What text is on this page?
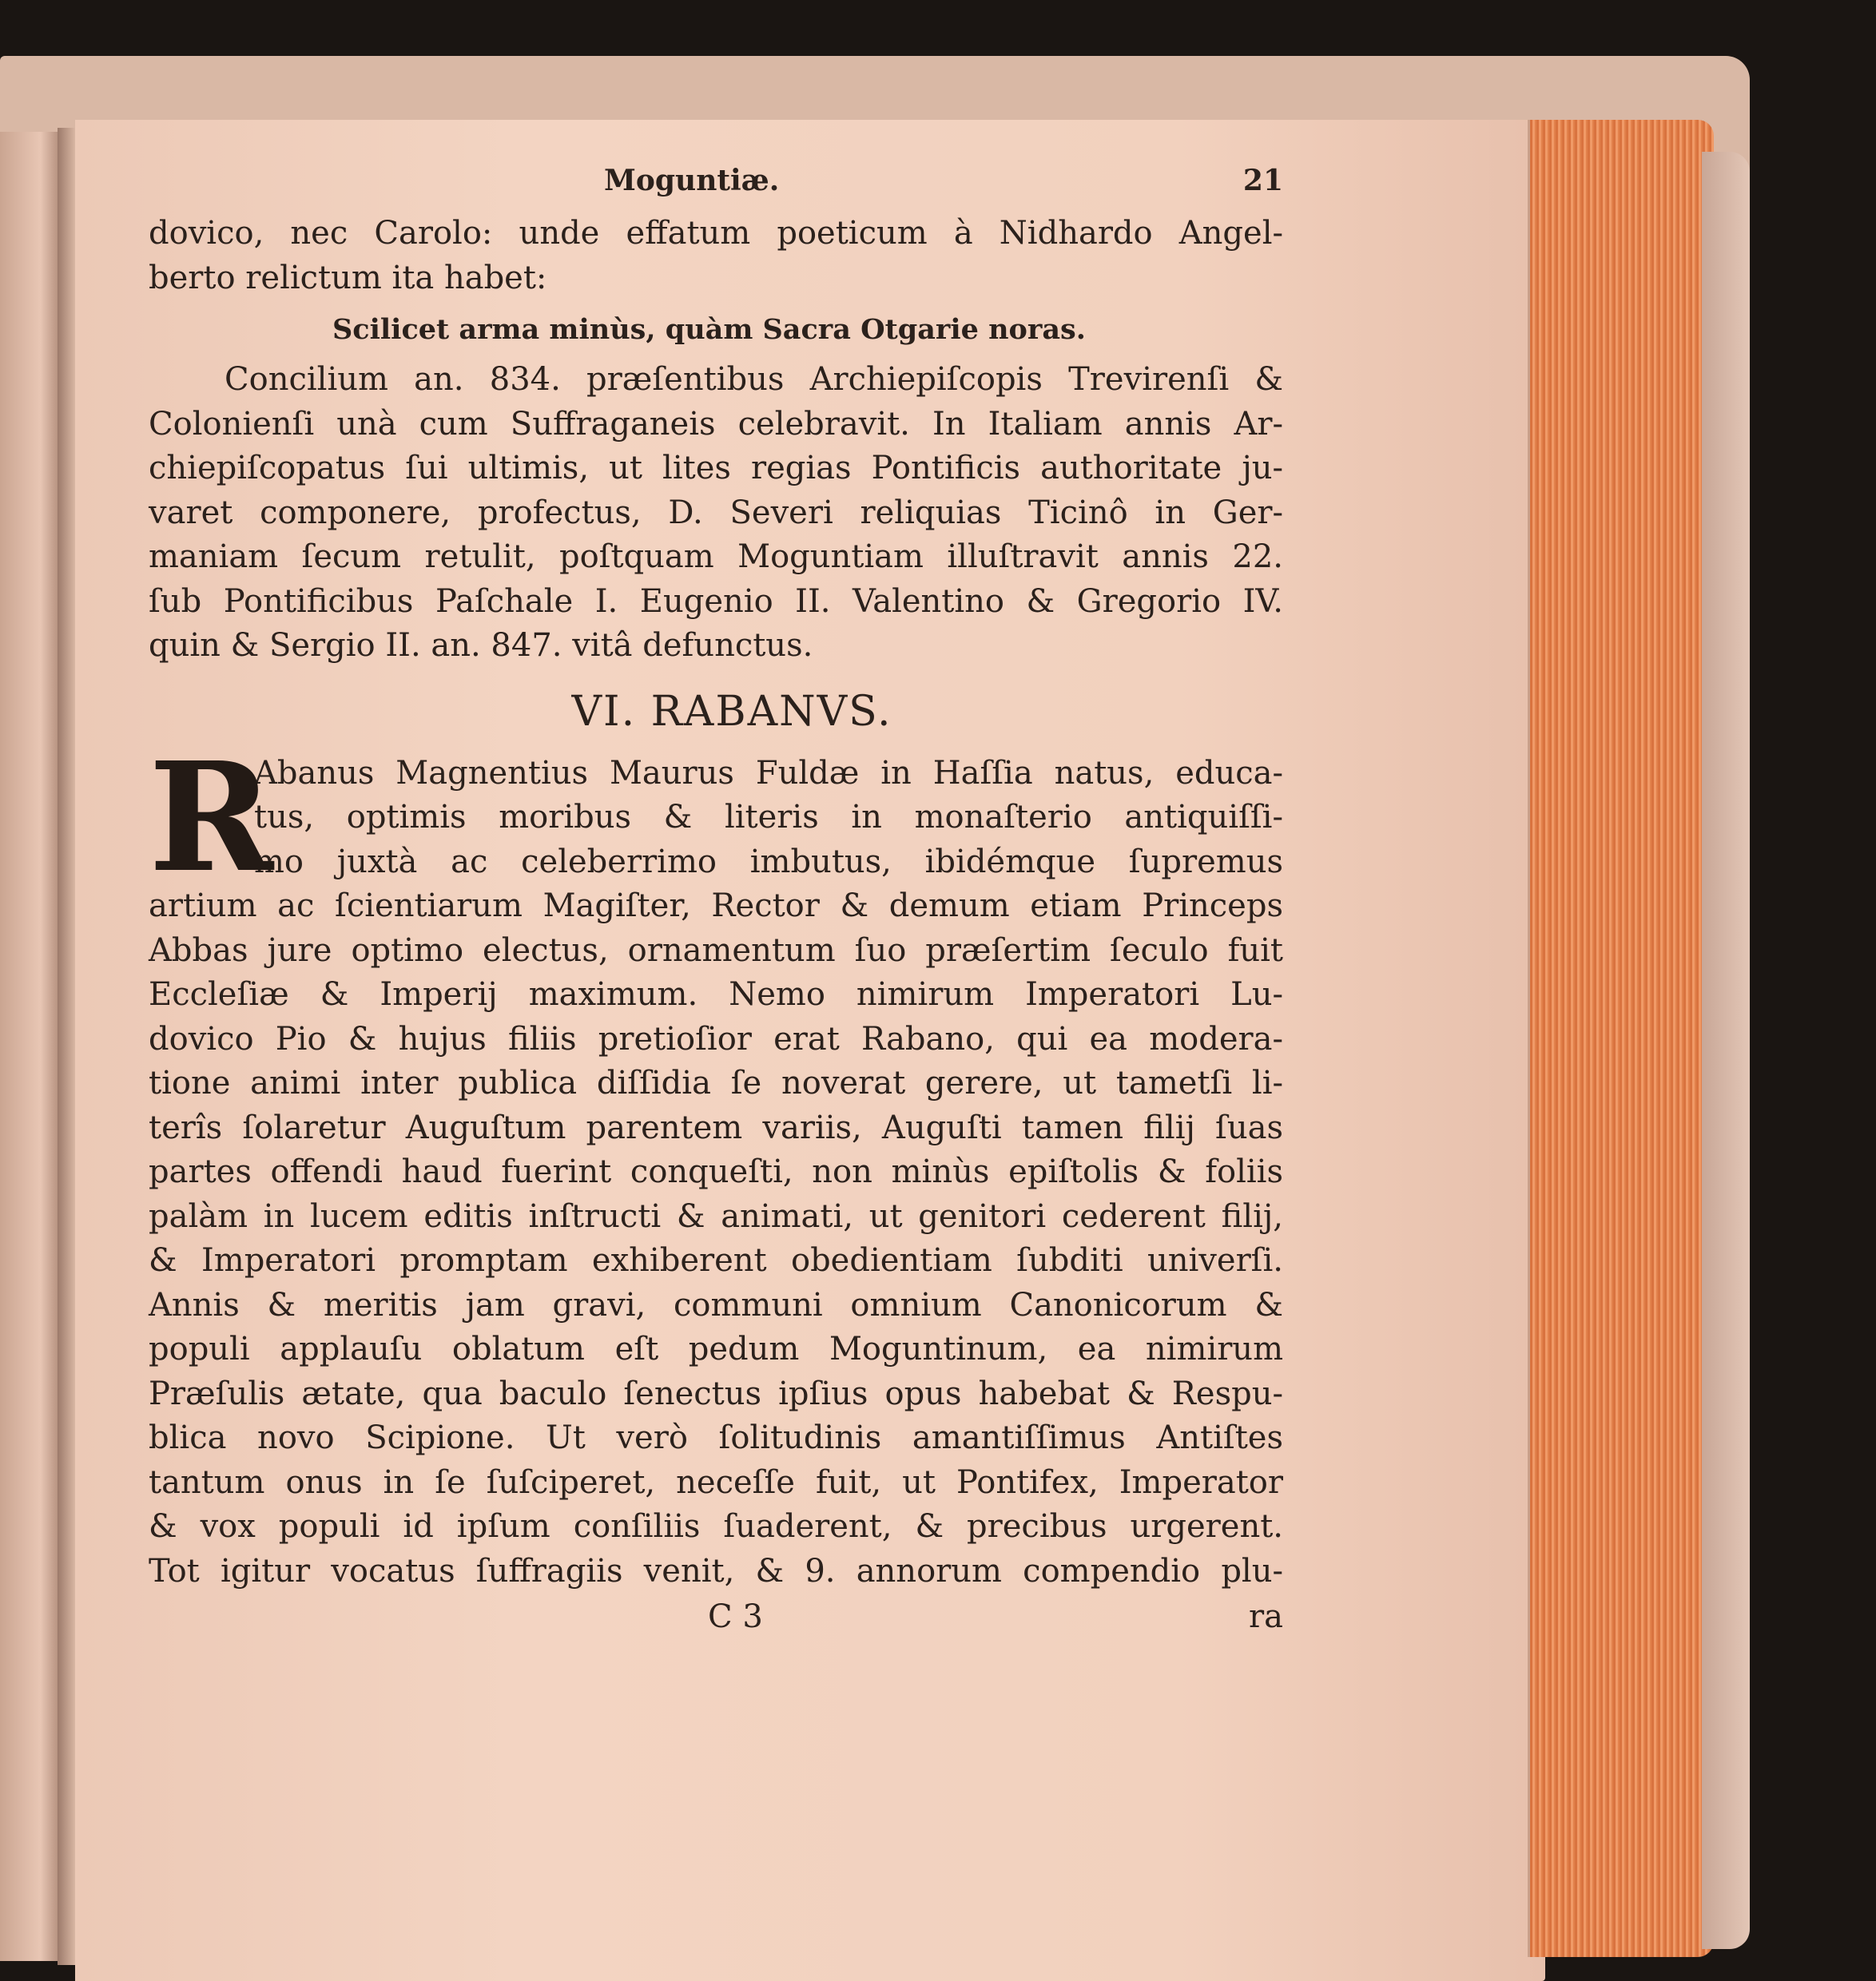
Moguntiæ.	21
dovico, nec Carolo: unde effatum poeticum à Nidhardo Angel-
berto relictum ita habet:
Scilicet arma minùs, quàm Sacra Otgarie noras.
Concilium an. 834. præſentibus Archiepiſcopis Trevirenſi &
Colonienſi unà cum Suffraganeis celebravit. In Italiam annis Ar-
chiepiſcopatus ſui ultimis, ut lites regias Pontificis authoritate ju-
varet componere, profectus, D. Severi reliquias Ticinô in Ger-
maniam ſecum retulit, poſtquam Moguntiam illuſtravit annis 22.
ſub Pontificibus Paſchale I. Eugenio II. Valentino & Gregorio IV.
quin & Sergio II. an. 847. vitâ defunctus.
VI. RABANVS.
R
Abanus Magnentius Maurus Fuldæ in Haſſia natus, educa-
tus, optimis moribus & literis in monaſterio antiquiſſi-
mo juxtà ac celeberrimo imbutus, ibidémque ſupremus
artium ac ſcientiarum Magiſter, Rector & demum etiam Princeps
Abbas jure optimo electus, ornamentum ſuo præſertim ſeculo fuit
Eccleſiæ & Imperij maximum. Nemo nimirum Imperatori Lu-
dovico Pio & hujus filiis pretioſior erat Rabano, qui ea modera-
tione animi inter publica diſſidia ſe noverat gerere, ut tametſi li-
terîs ſolaretur Auguſtum parentem variis, Auguſti tamen filij ſuas
partes offendi haud fuerint conqueſti, non minùs epiſtolis & foliis
palàm in lucem editis inſtructi & animati, ut genitori cederent filij,
& Imperatori promptam exhiberent obedientiam ſubditi univerſi.
Annis & meritis jam gravi, communi omnium Canonicorum &
populi applauſu oblatum eſt pedum Moguntinum, ea nimirum
Præſulis ætate, qua baculo ſenectus ipſius opus habebat & Respu-
blica novo Scipione. Ut verò ſolitudinis amantiſſimus Antiſtes
tantum onus in ſe ſuſciperet, neceſſe fuit, ut Pontifex, Imperator
& vox populi id ipſum conſiliis ſuaderent, & precibus urgerent.
Tot igitur vocatus ſuffragiis venit, & 9. annorum compendio plu-
C 3	ra
